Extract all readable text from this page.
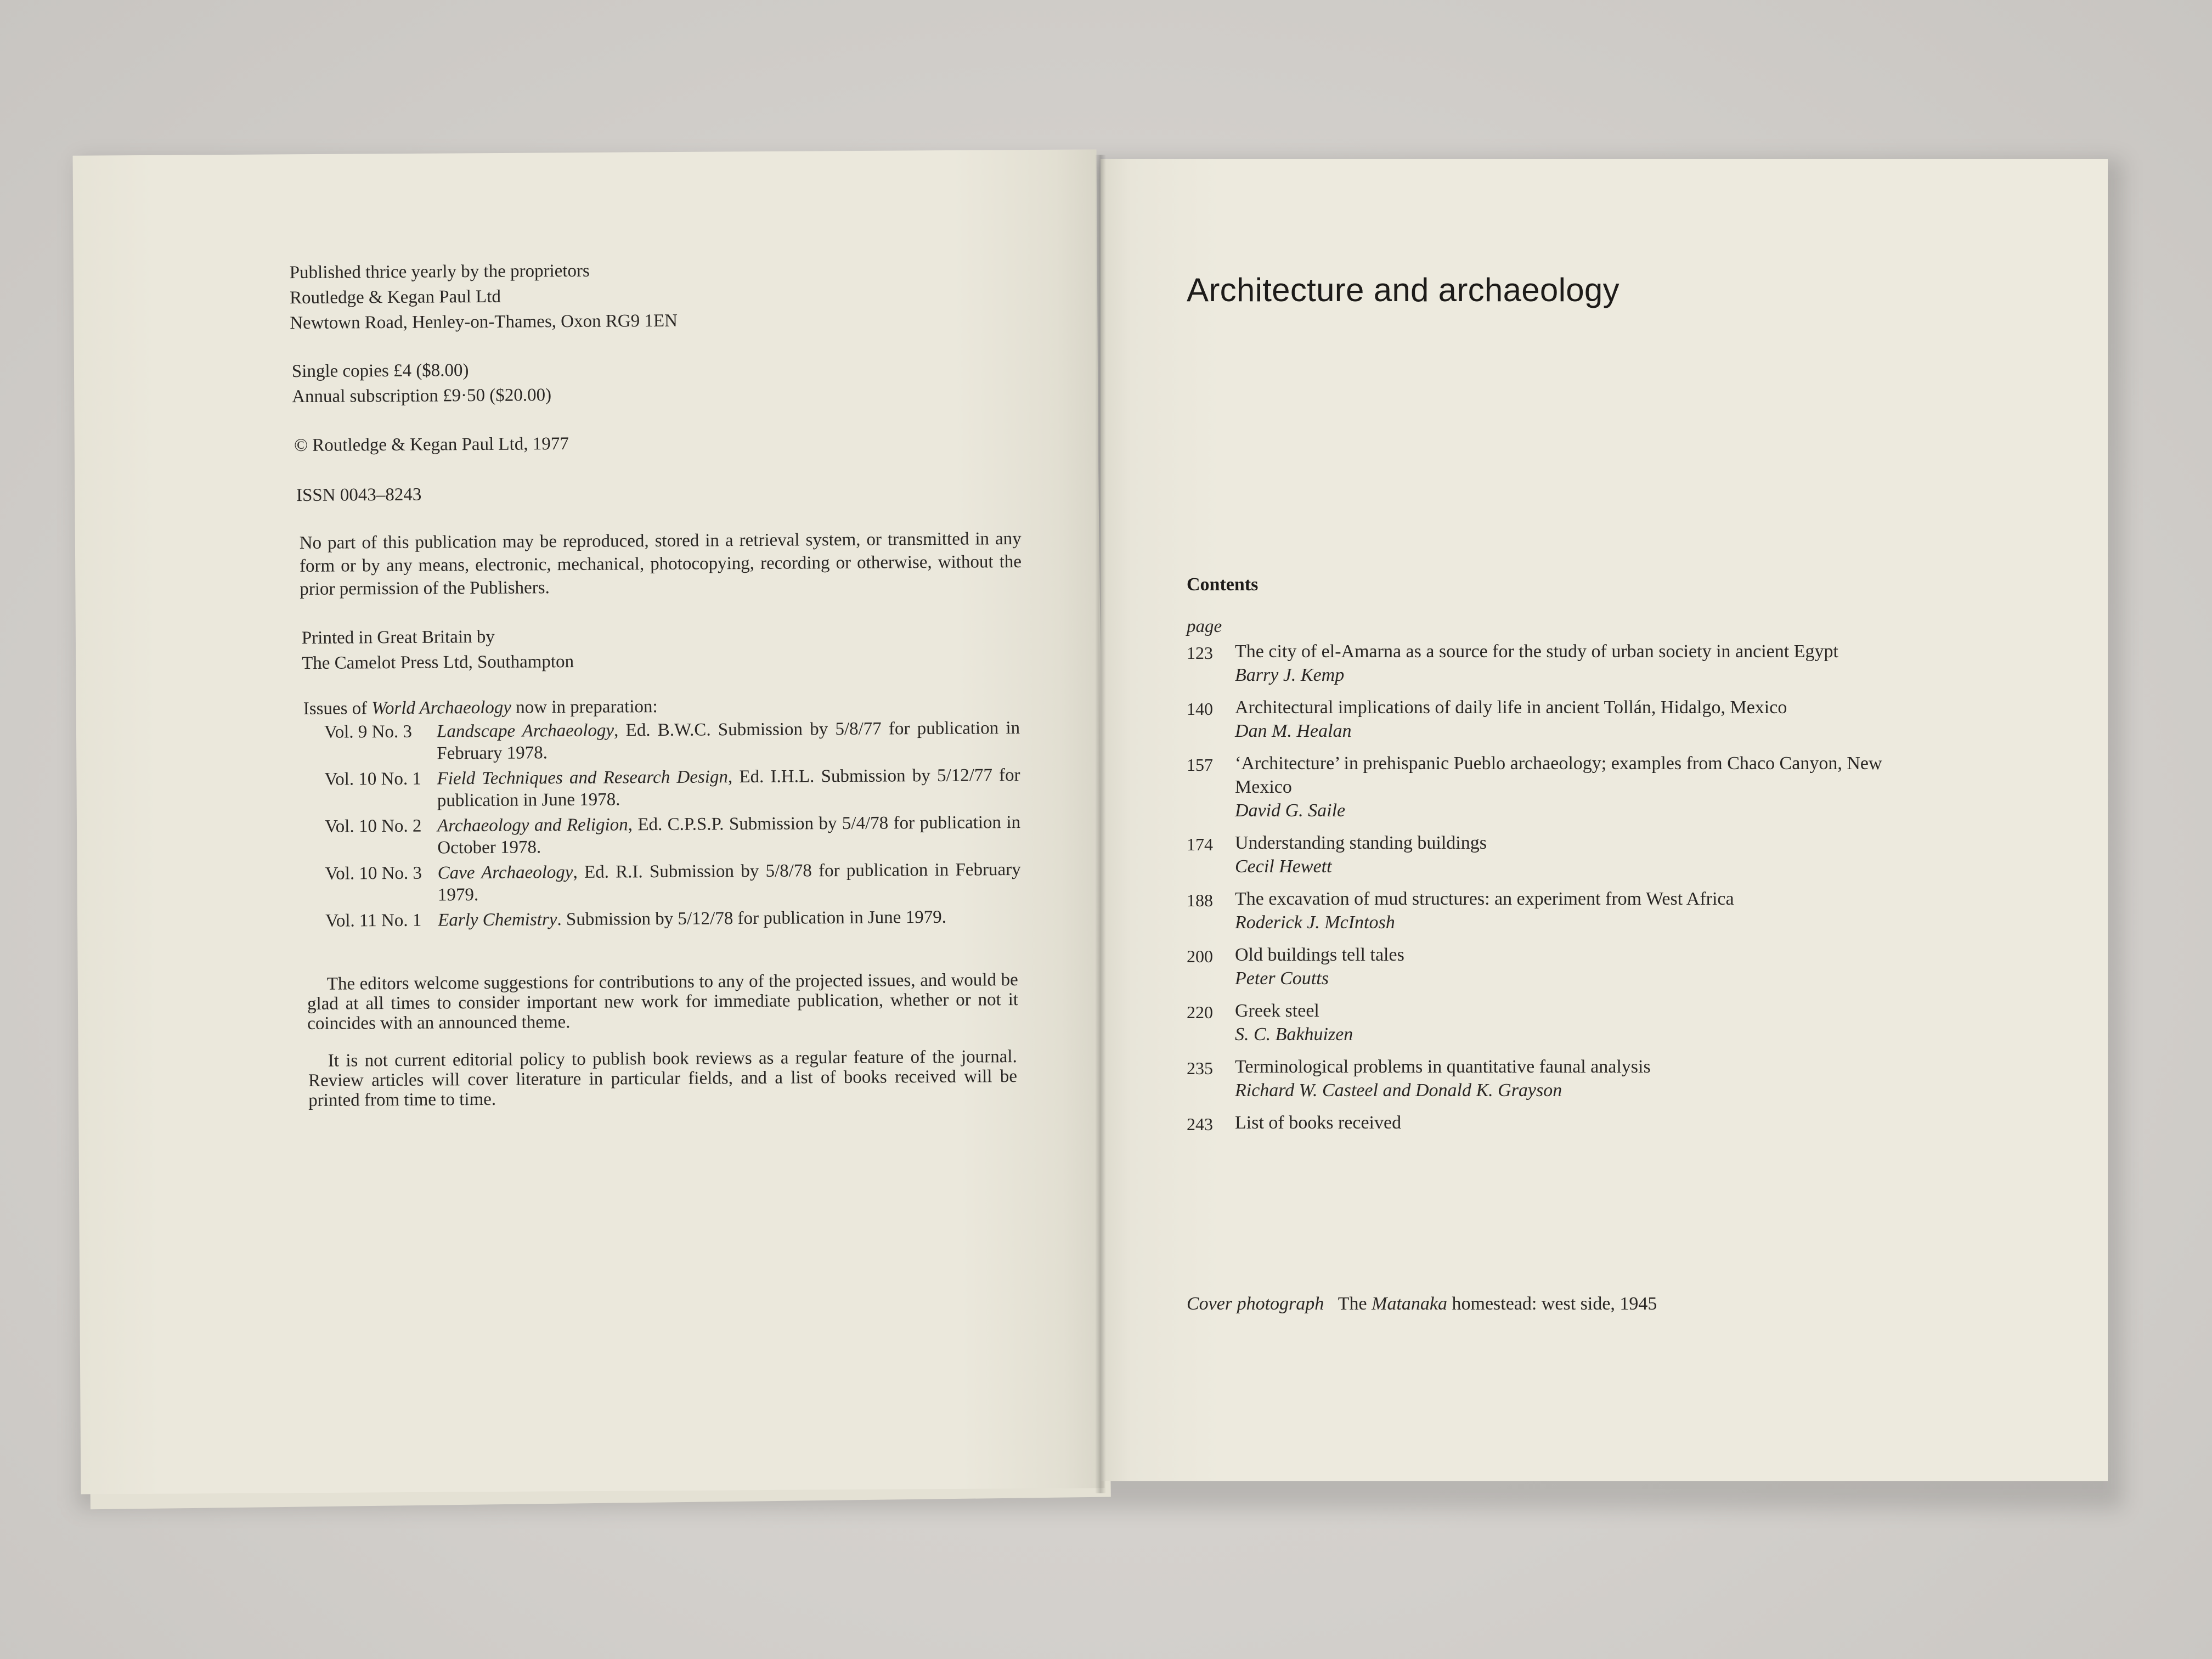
Published thrice yearly by the proprietors
Routledge & Kegan Paul Ltd
Newtown Road, Henley-on-Thames, Oxon RG9 1EN
Single copies £4 ($8.00)
Annual subscription £9·50 ($20.00)
© Routledge & Kegan Paul Ltd, 1977
ISSN 0043–8243
No part of this publication may be reproduced, stored in a retrieval system, or transmitted in any form or by any means, electronic, mechanical, photocopying, recording or otherwise, without the prior permission of the Publishers.
Printed in Great Britain by
The Camelot Press Ltd, Southampton
Issues of World Archaeology now in preparation:
Vol. 9 No. 3	Landscape Archaeology, Ed. B.W.C. Submission by 5/8/77 for publication in February 1978.
Vol. 10 No. 1 Field Techniques and Research Design, Ed. I.H.L. Submission by 5/12/77 for publication in June 1978.
Vol. 10 No. 2 Archaeology and Religion, Ed. C.P.S.P. Submission by 5/4/78 for publication in October 1978.
Vol. 10 No. 3 Cave Archaeology, Ed. R.I. Submission by 5/8/78 for publication in February 1979.
Vol. 11 No. 1 Early Chemistry. Submission by 5/12/78 for publication in June 1979.
The editors welcome suggestions for contributions to any of the projected issues, and would be glad at all times to consider important new work for immediate publication, whether or not it coincides with an announced theme.
It is not current editorial policy to publish book reviews as a regular feature of the journal. Review articles will cover literature in particular fields, and a list of books received will be printed from time to time.
Architecture and archaeology
Contents
page
123	The city of el-Amarna as a source for the study of urban society in ancient Egypt
Barry J. Kemp
140	Architectural implications of daily life in ancient Tollán, Hidalgo, Mexico
Dan M. Healan
157	‘Architecture’ in prehispanic Pueblo archaeology; examples from Chaco Canyon, New Mexico
David G. Saile
174	Understanding standing buildings
Cecil Hewett
188	The excavation of mud structures: an experiment from West Africa
Roderick J. McIntosh
200	Old buildings tell tales
Peter Coutts
220	Greek steel
S. C. Bakhuizen
235	Terminological problems in quantitative faunal analysis
Richard W. Casteel and Donald K. Grayson
243	List of books received
Cover photograph The Matanaka homestead: west side, 1945
